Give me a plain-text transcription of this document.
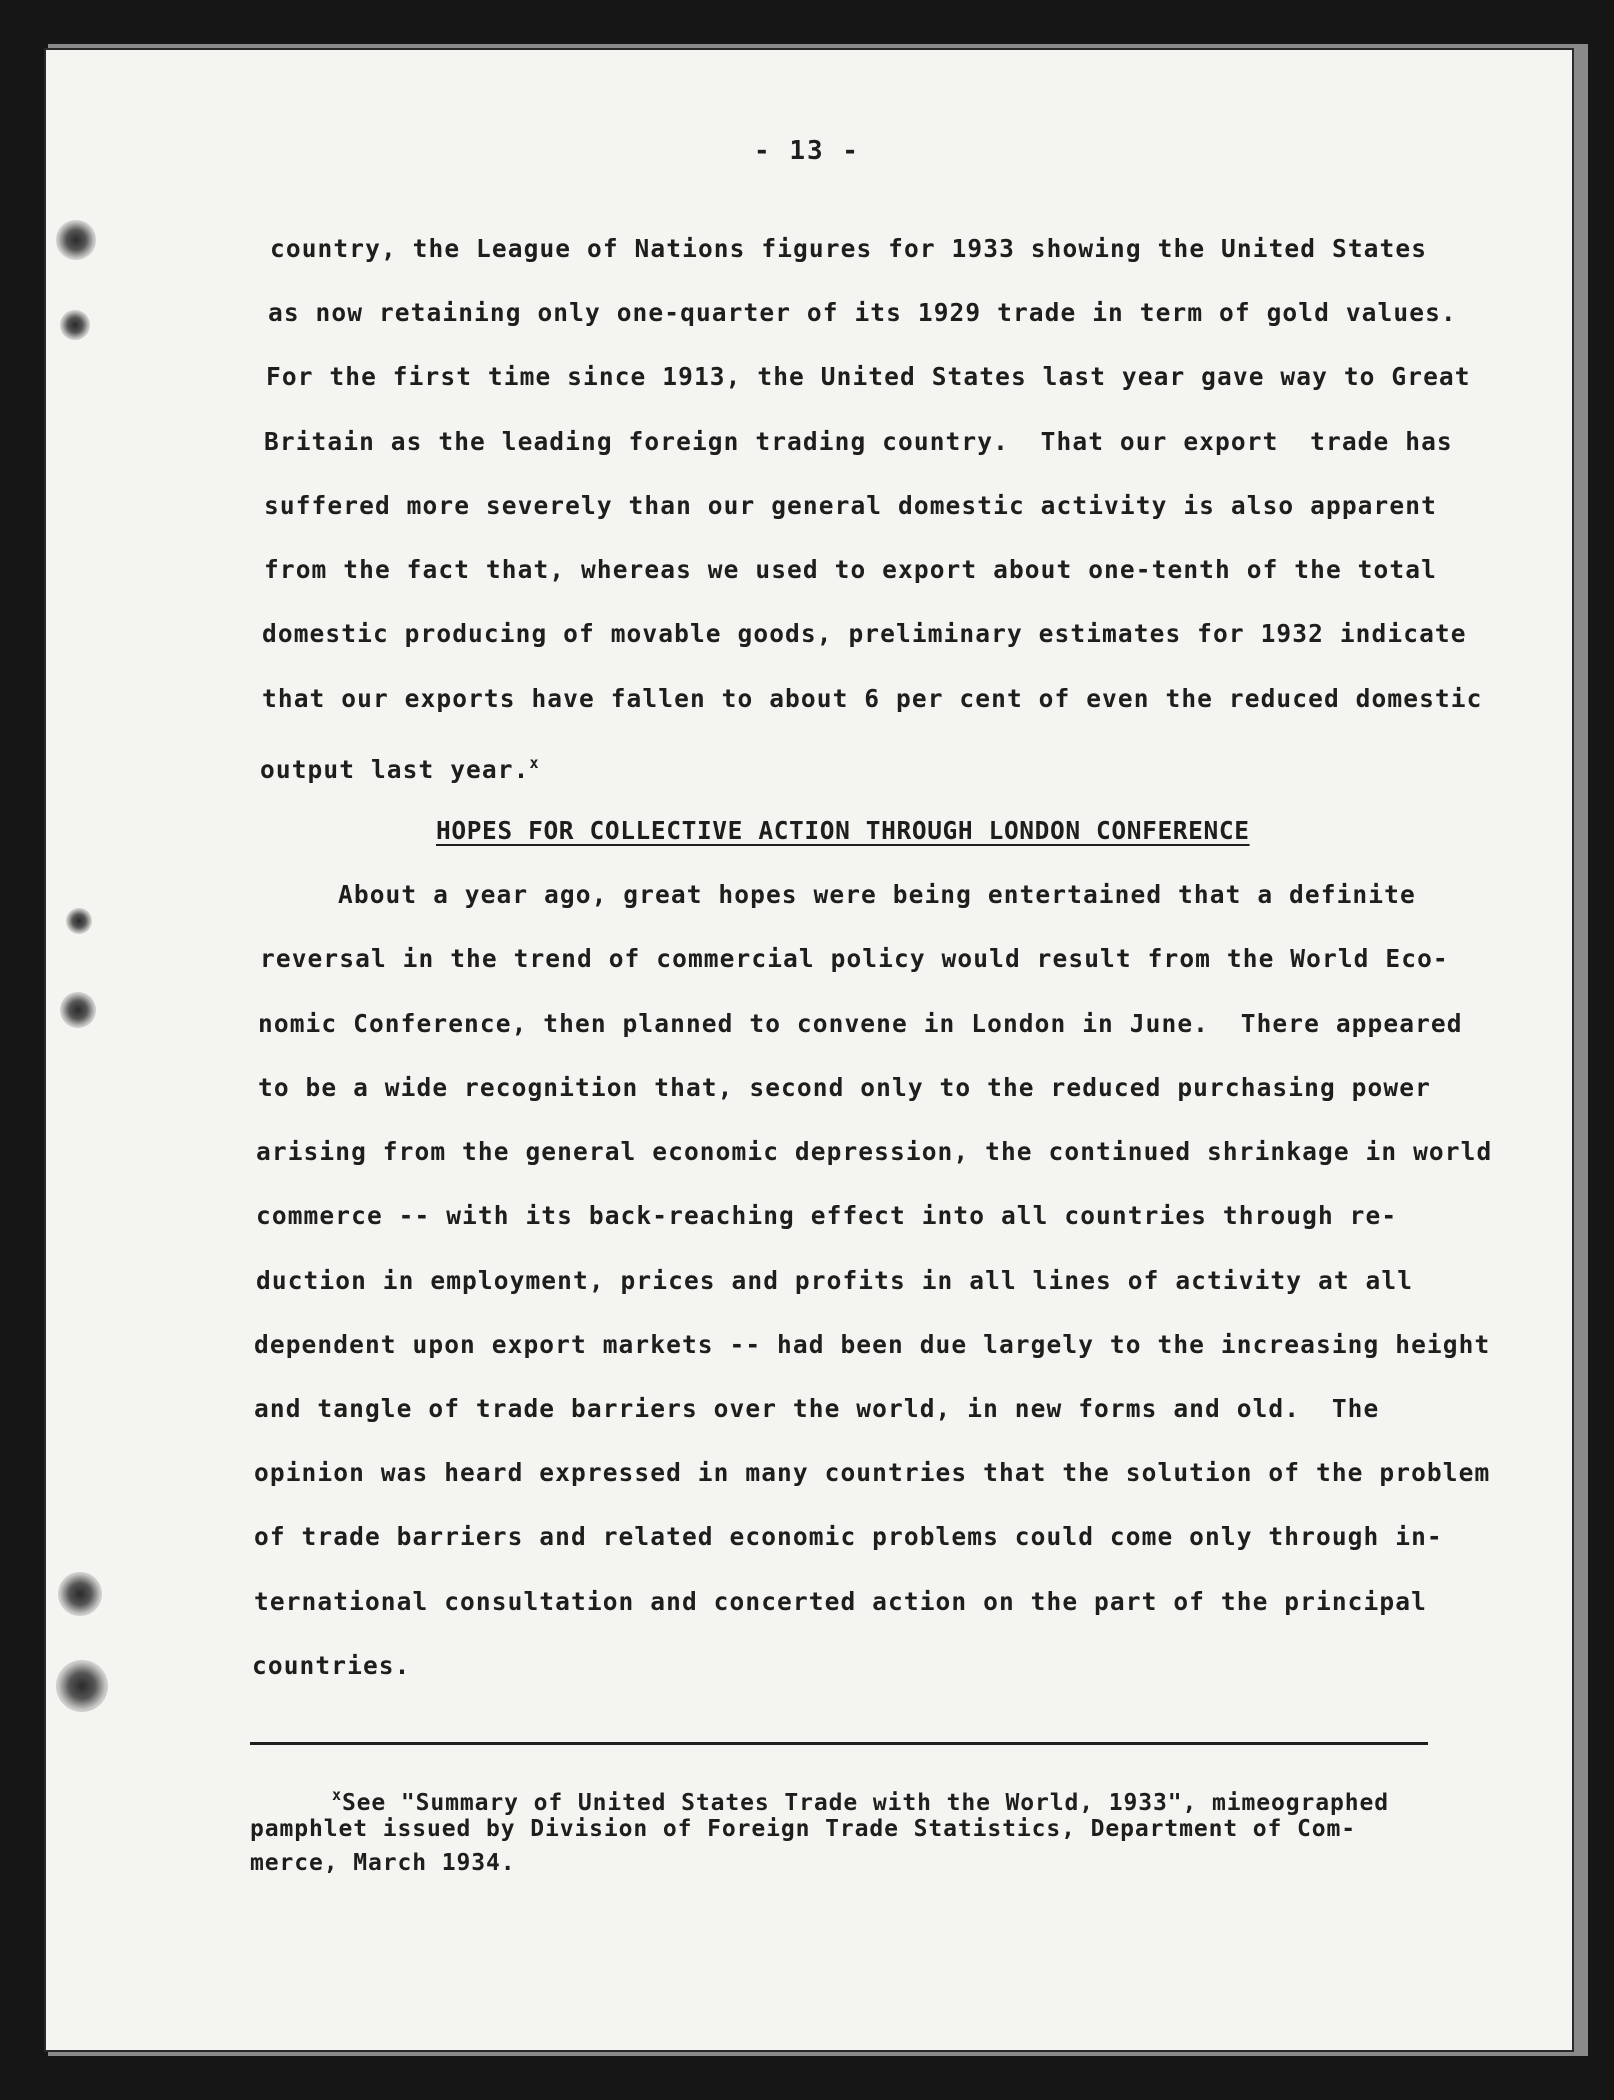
- 13 -
country, the League of Nations figures for 1933 showing the United States
as now retaining only one-quarter of its 1929 trade in term of gold values.
For the first time since 1913, the United States last year gave way to Great
Britain as the leading foreign trading country.  That our export  trade has
suffered more severely than our general domestic activity is also apparent
from the fact that, whereas we used to export about one-tenth of the total
domestic producing of movable goods, preliminary estimates for 1932 indicate
that our exports have fallen to about 6 per cent of even the reduced domestic
output last year.$^x$
HOPES FOR COLLECTIVE ACTION THROUGH LONDON CONFERENCE
About a year ago, great hopes were being entertained that a definite
reversal in the trend of commercial policy would result from the World Eco-
nomic Conference, then planned to convene in London in June.  There appeared
to be a wide recognition that, second only to the reduced purchasing power
arising from the general economic depression, the continued shrinkage in world
commerce -- with its back-reaching effect into all countries through re-
duction in employment, prices and profits in all lines of activity at all
dependent upon export markets -- had been due largely to the increasing height
and tangle of trade barriers over the world, in new forms and old.  The
opinion was heard expressed in many countries that the solution of the problem
of trade barriers and related economic problems could come only through in-
ternational consultation and concerted action on the part of the principal
countries.
$^x$See "Summary of United States Trade with the World, 1933", mimeographed
pamphlet issued by Division of Foreign Trade Statistics, Department of Com-
merce, March 1934.
